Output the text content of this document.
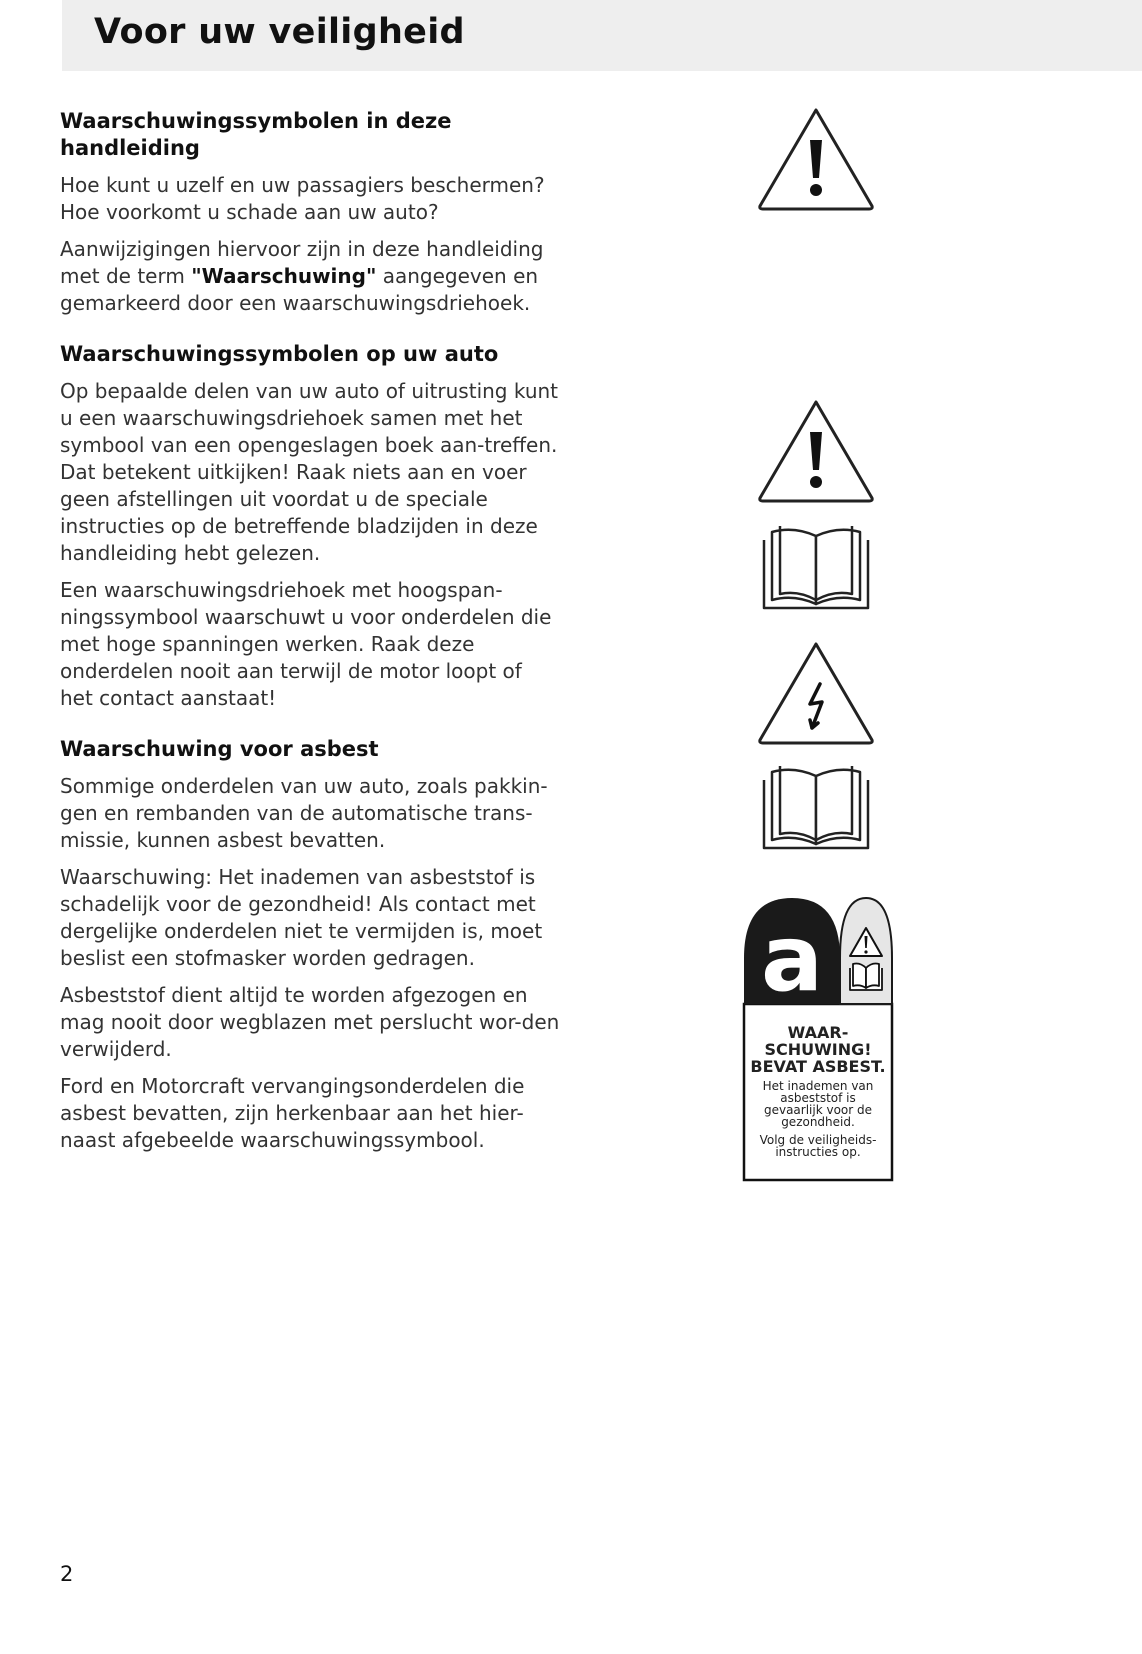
Voor uw veiligheid
Waarschuwingssymbolen in deze handleiding

Hoe kunt u uzelf en uw passagiers beschermen? Hoe voorkomt u schade aan uw auto?

Aanwijzigingen hiervoor zijn in deze handleiding met de term "Waarschuwing" aangegeven en gemarkeerd door een waarschuwingsdriehoek.

Waarschuwingssymbolen op uw auto

Op bepaalde delen van uw auto of uitrusting kunt u een waarschuwingsdriehoek samen met het symbool van een opengeslagen boek aan-treffen. Dat betekent uitkijken! Raak niets aan en voer geen afstellingen uit voordat u de speciale instructies op de betreffende bladzijden in deze handleiding hebt gelezen.

Een waarschuwingsdriehoek met hoogspan-ningssymbool waarschuwt u voor onderdelen die met hoge spanningen werken. Raak deze onderdelen nooit aan terwijl de motor loopt of het contact aanstaat!

Waarschuwing voor asbest

Sommige onderdelen van uw auto, zoals pakkin-gen en rembanden van de automatische trans-missie, kunnen asbest bevatten.

Waarschuwing: Het inademen van asbeststof is schadelijk voor de gezondheid! Als contact met dergelijke onderdelen niet te vermijden is, moet beslist een stofmasker worden gedragen.

Asbeststof dient altijd te worden afgezogen en mag nooit door wegblazen met perslucht wor-den verwijderd.

Ford en Motorcraft vervangingsonderdelen die asbest bevatten, zijn herkenbaar aan het hier-naast afgebeelde waarschuwingssymbool.

a
WAAR-
SCHUWING!
BEVAT ASBEST.
Het inademen van
asbeststof is
gevaarlijk voor de
gezondheid.
Volg de veiligheids-
instructies op.
2
